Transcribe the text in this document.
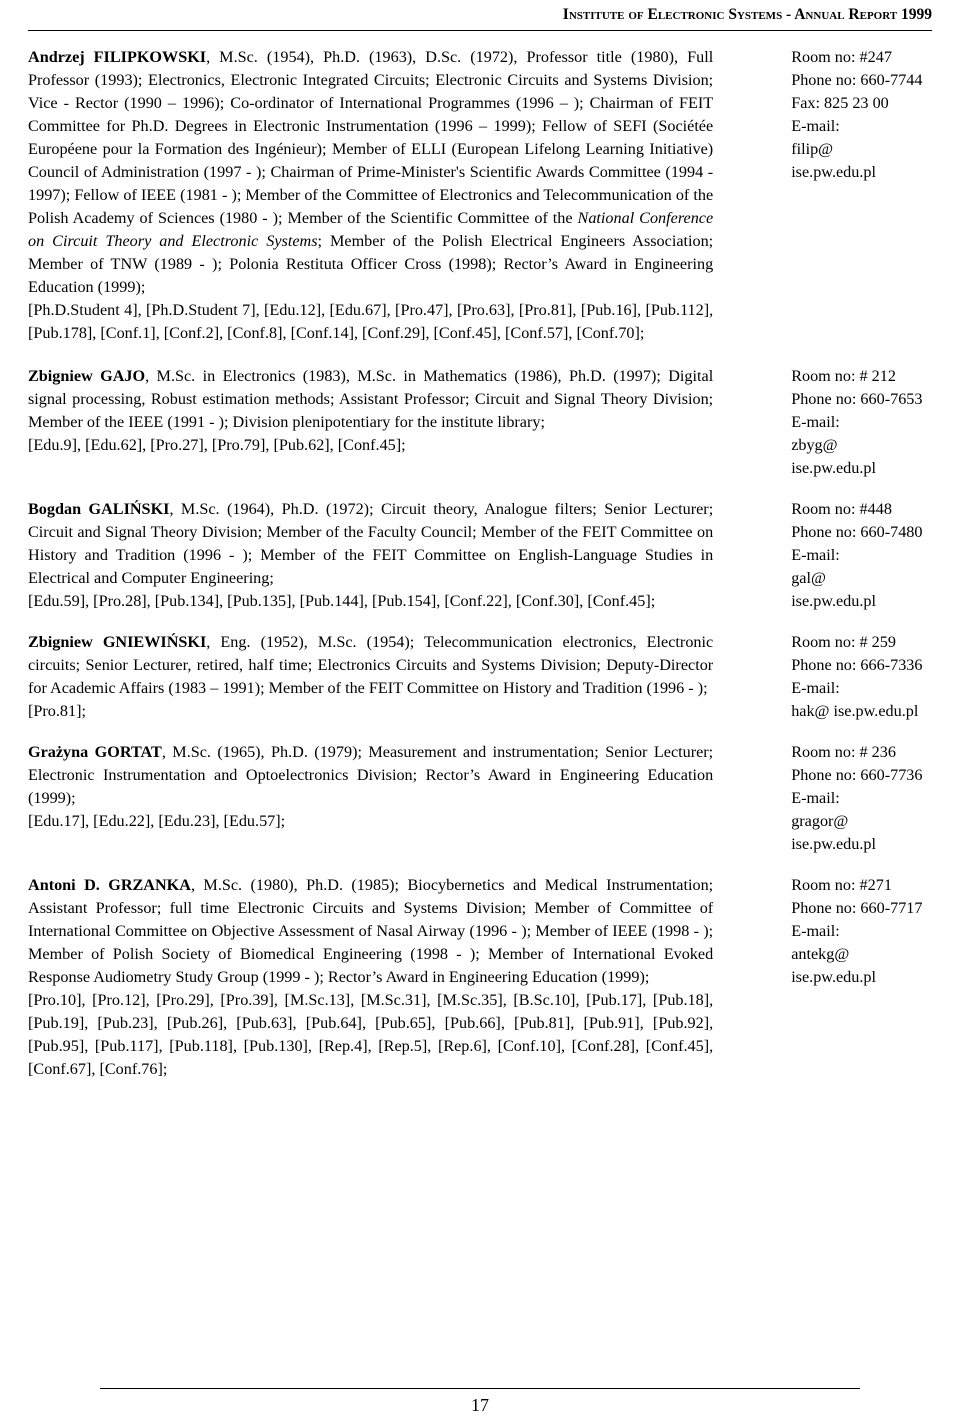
Institute of Electronic Systems - Annual Report 1999

Andrzej FILIPKOWSKI, M.Sc. (1954), Ph.D. (1963), D.Sc. (1972), Professor title (1980), Full Professor (1993); Electronics, Electronic Integrated Circuits; Electronic Circuits and Systems Division; Vice - Rector (1990 – 1996); Co-ordinator of International Programmes (1996 – ); Chairman of FEIT Committee for Ph.D. Degrees in Electronic Instrumentation (1996 – 1999); Fellow of SEFI (Sociétée Européene pour la Formation des Ingénieur); Member of ELLI (European Lifelong Learning Initiative) Council of Administration (1997 - ); Chairman of Prime-Minister's Scientific Awards Committee (1994 - 1997); Fellow of IEEE (1981 - ); Member of the Committee of Electronics and Telecommunication of the Polish Academy of Sciences (1980 - ); Member of the Scientific Committee of the National Conference on Circuit Theory and Electronic Systems; Member of the Polish Electrical Engineers Association; Member of TNW (1989 - ); Polonia Restituta Officer Cross (1998); Rector’s Award in Engineering Education (1999);

[Ph.D.Student 4], [Ph.D.Student 7], [Edu.12], [Edu.67], [Pro.47], [Pro.63], [Pro.81], [Pub.16], [Pub.112], [Pub.178], [Conf.1], [Conf.2], [Conf.8], [Conf.14], [Conf.29], [Conf.45], [Conf.57], [Conf.70];

Room no: #247
Phone no: 660-7744
Fax: 825 23 00
E-mail:
filip@
ise.pw.edu.pl

Zbigniew GAJO, M.Sc. in Electronics (1983), M.Sc. in Mathematics (1986), Ph.D. (1997); Digital signal processing, Robust estimation methods; Assistant Professor; Circuit and Signal Theory Division; Member of the IEEE (1991 - ); Division plenipotentiary for the institute library;

[Edu.9], [Edu.62], [Pro.27], [Pro.79], [Pub.62], [Conf.45];

Room no: # 212
Phone no: 660-7653
E-mail:
zbyg@
ise.pw.edu.pl

Bogdan GALIŃSKI, M.Sc. (1964), Ph.D. (1972); Circuit theory, Analogue filters; Senior Lecturer; Circuit and Signal Theory Division; Member of the Faculty Council; Member of the FEIT Committee on History and Tradition (1996 - ); Member of the FEIT Committee on English-Language Studies in Electrical and Computer Engineering;

[Edu.59], [Pro.28], [Pub.134], [Pub.135], [Pub.144], [Pub.154], [Conf.22], [Conf.30], [Conf.45];

Room no: #448
Phone no: 660-7480
E-mail:
gal@
ise.pw.edu.pl

Zbigniew GNIEWIŃSKI, Eng. (1952), M.Sc. (1954); Telecommunication electronics, Electronic circuits; Senior Lecturer, retired, half time; Electronics Circuits and Systems Division; Deputy-Director for Academic Affairs (1983 – 1991); Member of the FEIT Committee on History and Tradition (1996 - );

[Pro.81];

Room no: # 259
Phone no: 666-7336
E-mail:
hak@ ise.pw.edu.pl

Grażyna GORTAT, M.Sc. (1965), Ph.D. (1979); Measurement and instrumentation; Senior Lecturer; Electronic Instrumentation and Optoelectronics Division; Rector’s Award in Engineering Education (1999);

[Edu.17], [Edu.22], [Edu.23], [Edu.57];

Room no: # 236
Phone no: 660-7736
E-mail:
gragor@
ise.pw.edu.pl

Antoni D. GRZANKA, M.Sc. (1980), Ph.D. (1985); Biocybernetics and Medical Instrumentation; Assistant Professor; full time Electronic Circuits and Systems Division; Member of Committee of International Committee on Objective Assessment of Nasal Airway (1996 - ); Member of IEEE (1998 - ); Member of Polish Society of Biomedical Engineering (1998 - ); Member of International Evoked Response Audiometry Study Group (1999 - ); Rector’s Award in Engineering Education (1999);

[Pro.10], [Pro.12], [Pro.29], [Pro.39], [M.Sc.13], [M.Sc.31], [M.Sc.35], [B.Sc.10], [Pub.17], [Pub.18], [Pub.19], [Pub.23], [Pub.26], [Pub.63], [Pub.64], [Pub.65], [Pub.66], [Pub.81], [Pub.91], [Pub.92], [Pub.95], [Pub.117], [Pub.118], [Pub.130], [Rep.4], [Rep.5], [Rep.6], [Conf.10], [Conf.28], [Conf.45], [Conf.67], [Conf.76];

Room no: #271
Phone no: 660-7717
E-mail:
antekg@
ise.pw.edu.pl
17
